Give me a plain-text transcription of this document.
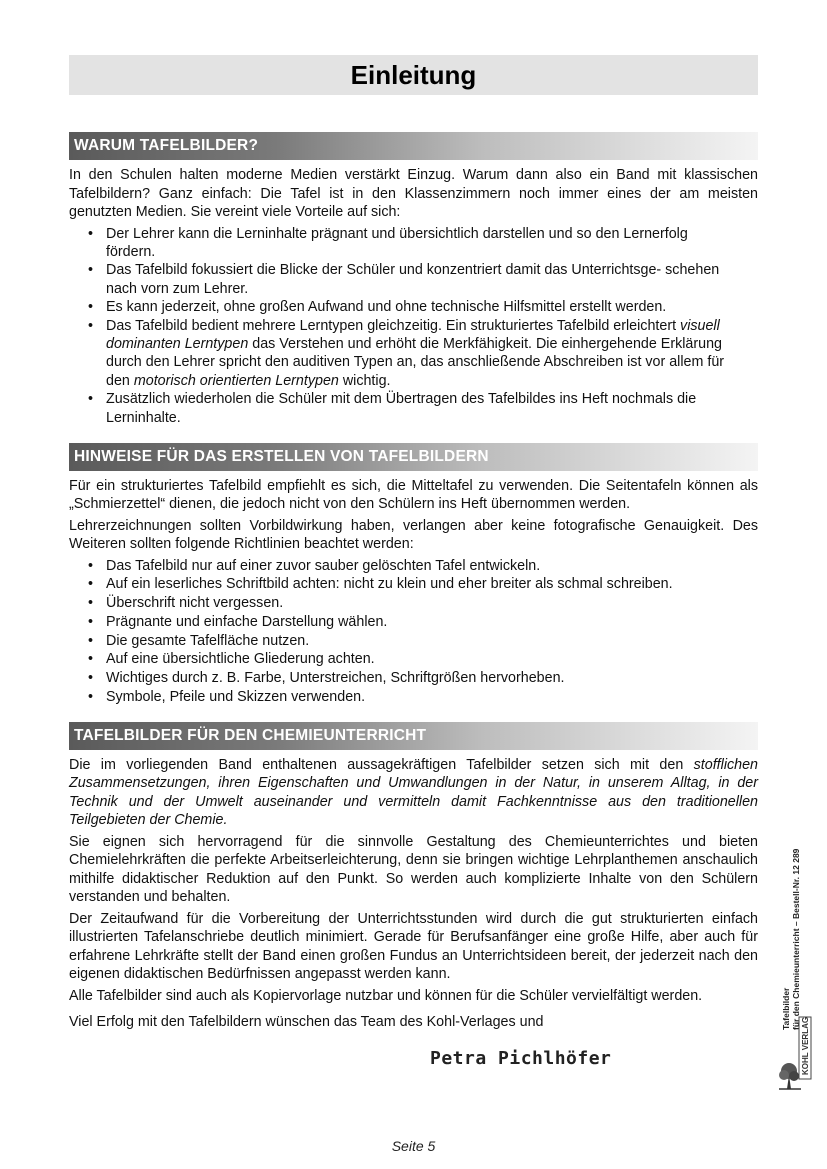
Einleitung
WARUM TAFELBILDER?

In den Schulen halten moderne Medien verstärkt Einzug. Warum dann also ein Band mit klassischen Tafelbildern? Ganz einfach: Die Tafel ist in den Klassenzimmern noch immer eines der am meisten genutzten Medien. Sie vereint viele Vorteile auf sich:

• Der Lehrer kann die Lerninhalte prägnant und übersichtlich darstellen und so den Lernerfolg fördern.
• Das Tafelbild fokussiert die Blicke der Schüler und konzentriert damit das Unterrichtsge- schehen nach vorn zum Lehrer.
• Es kann jederzeit, ohne großen Aufwand und ohne technische Hilfsmittel erstellt werden.
• Das Tafelbild bedient mehrere Lerntypen gleichzeitig. Ein strukturiertes Tafelbild erleichtert visuell dominanten Lerntypen das Verstehen und erhöht die Merkfähigkeit. Die einhergehende Erklärung durch den Lehrer spricht den auditiven Typen an, das anschließende Abschreiben ist vor allem für den motorisch orientierten Lerntypen wichtig.
• Zusätzlich wiederholen die Schüler mit dem Übertragen des Tafelbildes ins Heft nochmals die Lerninhalte.
HINWEISE FÜR DAS ERSTELLEN VON TAFELBILDERN

Für ein strukturiertes Tafelbild empfiehlt es sich, die Mitteltafel zu verwenden. Die Seitentafeln können als „Schmierzettel“ dienen, die jedoch nicht von den Schülern ins Heft übernommen werden.

Lehrerzeichnungen sollten Vorbildwirkung haben, verlangen aber keine fotografische Genauigkeit. Des Weiteren sollten folgende Richtlinien beachtet werden:

• Das Tafelbild nur auf einer zuvor sauber gelöschten Tafel entwickeln.
• Auf ein leserliches Schriftbild achten: nicht zu klein und eher breiter als schmal schreiben.
• Überschrift nicht vergessen.
• Prägnante und einfache Darstellung wählen.
• Die gesamte Tafelfläche nutzen.
• Auf eine übersichtliche Gliederung achten.
• Wichtiges durch z. B. Farbe, Unterstreichen, Schriftgrößen hervorheben.
• Symbole, Pfeile und Skizzen verwenden.
TAFELBILDER FÜR DEN CHEMIEUNTERRICHT

Die im vorliegenden Band enthaltenen aussagekräftigen Tafelbilder setzen sich mit den stofflichen Zusammensetzungen, ihren Eigenschaften und Umwandlungen in der Natur, in unserem Alltag, in der Technik und der Umwelt auseinander und vermitteln damit Fachkenntnisse aus den traditionellen Teilgebieten der Chemie.

Sie eignen sich hervorragend für die sinnvolle Gestaltung des Chemieunterrichtes und bieten Chemielehrkräften die perfekte Arbeitserleichterung, denn sie bringen wichtige Lehrplanthemen anschaulich mithilfe didaktischer Reduktion auf den Punkt. So werden auch komplizierte Inhalte von den Schülern verstanden und behalten.

Der Zeitaufwand für die Vorbereitung der Unterrichtsstunden wird durch die gut strukturierten einfach illustrierten Tafelanschriebe deutlich minimiert. Gerade für Berufsanfänger eine große Hilfe, aber auch für erfahrene Lehrkräfte stellt der Band einen großen Fundus an Unterrichtsideen bereit, der jederzeit nach den eigenen didaktischen Bedürfnissen angepasst werden kann.

Alle Tafelbilder sind auch als Kopiervorlage nutzbar und können für die Schüler vervielfältigt werden.

Viel Erfolg mit den Tafelbildern wünschen das Team des Kohl-Verlages und

Petra Pichlhöfer
Tafelbilder für den Chemieunterricht – Bestell-Nr. 12 289
KOHL VERLAG
Seite 5
